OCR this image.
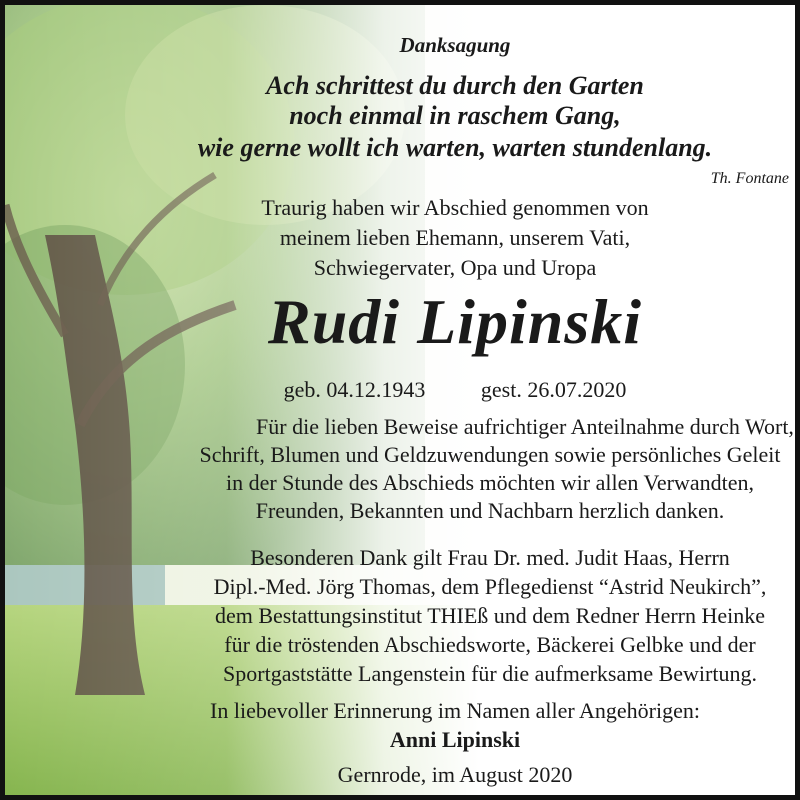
Danksagung
Ach schrittest du durch den Garten
noch einmal in raschem Gang,
wie gerne wollt ich warten, warten stundenlang.
Th. Fontane
Traurig haben wir Abschied genommen von
meinem lieben Ehemann, unserem Vati,
Schwiegervater, Opa und Uropa
Rudi Lipinski
geb. 04.12.1943	gest. 26.07.2020
Für die lieben Beweise aufrichtiger Anteilnahme durch Wort,
Schrift, Blumen und Geldzuwendungen sowie persönliches Geleit
in der Stunde des Abschieds möchten wir allen Verwandten,
Freunden, Bekannten und Nachbarn herzlich danken.
Besonderen Dank gilt Frau Dr. med. Judit Haas, Herrn
Dipl.-Med. Jörg Thomas, dem Pflegedienst “Astrid Neukirch”,
dem Bestattungsinstitut THIEß und dem Redner Herrn Heinke
für die tröstenden Abschiedsworte, Bäckerei Gelbke und der
Sportgaststätte Langenstein für die aufmerksame Bewirtung.
In liebevoller Erinnerung im Namen aller Angehörigen:
Anni Lipinski
Gernrode, im August 2020
